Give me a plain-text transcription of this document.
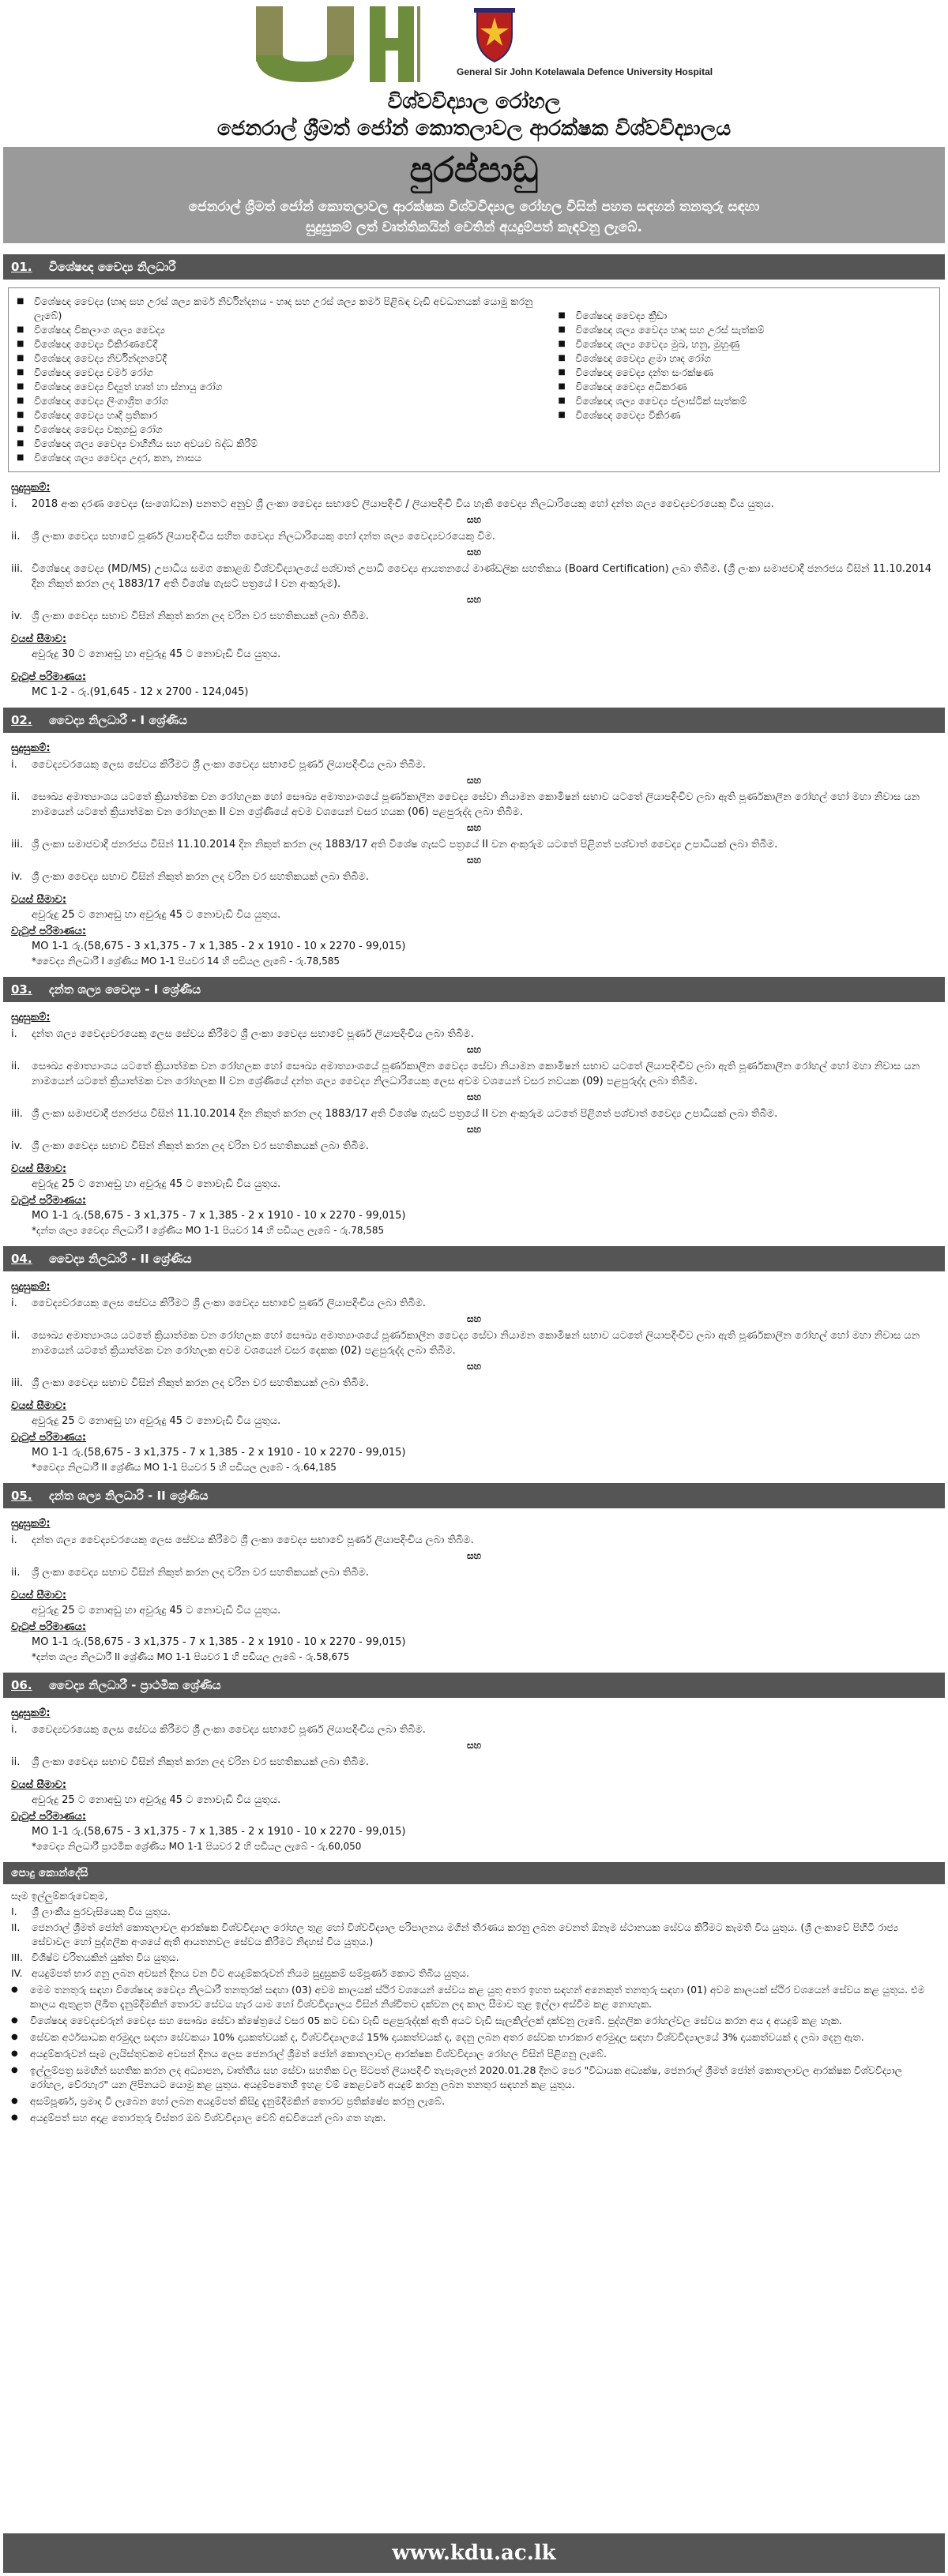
General Sir John Kotelawala Defence University Hospital
විශ්වවිද්‍යාල රෝහල
ජෙනරාල් ශ්‍රීමත් ජෝන් කොතලාවල ආරක්ෂක විශ්වවිද්‍යාලය
පුරප්පාඩු
ජෙනරාල් ශ්‍රීමත් ජෝන් කොතලාවල ආරක්ෂක විශ්වවිද්‍යාල රෝහල විසින් පහත සඳහන් තනතුරු සඳහා
සුදුසුකම් ලත් වෘත්තිකයින් වෙතින් අයදුම්පත් කැඳවනු ලැබේ.
01.	විශේෂඥ වෛද්‍ය නිලධාරී
■	විශේෂඥ වෛද්‍ය (හෘද සහ උරස් ශල්‍ය කර්ම නිර්වින්දනය - හෘද සහ උරස් ශල්‍ය කර්ම පිළිබඳ වැඩි අවධානයක් යොමු කරනු ලැබේ)
■	විශේෂඥ විකලාංග ශල්‍ය වෛද්‍ය
■	විශේෂඥ වෛද්‍ය විකිරණවේදී
■	විශේෂඥ වෛද්‍ය නිර්වින්දනවේදී
■	විශේෂඥ වෛද්‍ය චර්ම රෝග
■	විශේෂඥ වෛද්‍ය විද්‍යුත් හෘත් හා ස්නායු රෝග
■	විශේෂඥ වෛද්‍ය ලිංගාශ්‍රිත රෝග
■	විශේෂඥ වෛද්‍ය හෘදි ප්‍රතිකාර
■	විශේෂඥ වෛද්‍ය වකුගඩු රෝග
■	විශේෂඥ ශල්‍ය වෛද්‍ය වාහිනීය සහ අවයව බද්ධ කිරීම්
■	විශේෂඥ ශල්‍ය වෛද්‍ය උදර, කන, නාසය
■	විශේෂඥ වෛද්‍ය ක්‍රීඩා
■	විශේෂඥ ශල්‍ය වෛද්‍ය හෘද සහ උරස් සැත්කම්
■	විශේෂඥ ශල්‍ය වෛද්‍ය මුඛ, හනු, මුහුණු
■	විශේෂඥ වෛද්‍ය ළමා හෘද රෝග
■	විශේෂඥ වෛද්‍ය දන්ත සංරක්ෂණ
■	විශේෂඥ වෛද්‍ය අධිකරණ
■	විශේෂඥ ශල්‍ය වෛද්‍ය ප්ලාස්ටික් සැත්කම්
■	විශේෂඥ වෛද්‍ය විකිරණ
සුදුසුකම්:
i.	2018 අංක දරණ වෛද්‍ය (සංශෝධන) පනතට අනුව ශ්‍රී ලංකා වෛද්‍ය සභාවේ ලියාපදිංචි / ලියාපදිංචි විය හැකි වෛද්‍ය නිලධාරියෙකු හෝ දන්ත ශල්‍ය වෛද්‍යවරයෙකු විය යුතුය.
සහ
ii.	ශ්‍රී ලංකා වෛද්‍ය සභාවේ පූර්ණ ලියාපදිංචිය සහිත වෛද්‍ය නිලධාරියෙකු හෝ දන්ත ශල්‍ය වෛද්‍යවරයෙකු විම.
සහ
iii. විශේෂඥ වෛද්‍ය (MD/MS) උපාධිය සමග කොළඹ විශ්වවිද්‍යාලයේ පශ්චාත් උපාධි වෛද්‍ය ආයතනයේ මාණ්ඩලික සහතිකය (Board Certification) ලබා තිබීම. (ශ්‍රී ලංකා සමාජවාදී ජනරජය විසින් 11.10.2014 දින නිකුත් කරන ලද 1883/17 අති විශේෂ ගැසට් පත්‍රයේ I වන අංකුරුම).
සහ
iv. ශ්‍රී ලංකා වෛද්‍ය සභාව විසින් නිකුත් කරන ලද වරින වර සහතිකයක් ලබා තිබීම.
වයස් සීමාව:
අවුරුදු 30 ට නොඅඩු හා අවුරුදු 45 ට නොවැඩි විය යුතුය.
වැටුප් පරිමාණය:
MC 1-2 - රු.(91,645 - 12 x 2700 - 124,045)
02.	වෛද්‍ය නිලධාරී - I ශ්‍රේණිය
සුදුසුකම්:
i.	වෛද්‍යවරයෙකු ලෙස සේවය කිරීමට ශ්‍රී ලංකා වෛද්‍ය සභාවේ පූර්ණ ලියාපදිංචිය ලබා තිබීම.
සහ
ii.	සෞඛ්‍ය අමාත්‍යාංශය යටතේ ක්‍රියාත්මක වන රෝහලක හෝ සෞඛ්‍ය අමාත්‍යාංශයේ පූර්ණකාලීන වෛද්‍ය සේවා නියාමන කොමිෂන් සභාව යටතේ ලියාපදිංචිව ලබා ඇති පූර්ණකාලීන රෝහල් හෝ මහා නිවාස යන නාමයෙන් යටතේ ක්‍රියාත්මක වන රෝහලක II වන ශ්‍රේණියේ අවම වශයෙන් වසර හයක (06) පළපුරුද්ද ලබා තිබීම.
සහ
iii. ශ්‍රී ලංකා සමාජවාදී ජනරජය විසින් 11.10.2014 දින නිකුත් කරන ලද 1883/17 අති විශේෂ ගැසට් පත්‍රයේ II වන අංකුරුම යටතේ පිළිගත් පශ්චාත් වෛද්‍ය උපාධියක් ලබා තිබීම.
සහ
iv. ශ්‍රී ලංකා වෛද්‍ය සභාව විසින් නිකුත් කරන ලද වරින වර සහතිකයක් ලබා තිබීම.
වයස් සීමාව:
අවුරුදු 25 ට නොඅඩු හා අවුරුදු 45 ට නොවැඩි විය යුතුය.
වැටුප් පරිමාණය:
MO 1-1 රු.(58,675 - 3 x1,375 - 7 x 1,385 - 2 x 1910 - 10 x 2270 - 99,015)
*වෛද්‍ය නිලධාරී I ශ්‍රේණිය MO 1-1 පියවර 14 හි පඩියල ලැබේ - රු.78,585
03.	දන්ත ශල්‍ය වෛද්‍ය - I ශ්‍රේණිය
සුදුසුකම්:
i.	දන්ත ශල්‍ය වෛද්‍යවරයෙකු ලෙස සේවය කිරීමට ශ්‍රී ලංකා වෛද්‍ය සභාවේ පූර්ණ ලියාපදිංචිය ලබා තිබීම.
සහ
ii.	සෞඛ්‍ය අමාත්‍යාංශය යටතේ ක්‍රියාත්මක වන රෝහලක හෝ සෞඛ්‍ය අමාත්‍යාංශයේ පූර්ණකාලීන වෛද්‍ය සේවා නියාමන කොමිෂන් සභාව යටතේ ලියාපදිංචිව ලබා ඇති පූර්ණකාලීන රෝහල් හෝ මහා නිවාස යන නාමයෙන් යටතේ ක්‍රියාත්මක වන රෝහලක II වන ශ්‍රේණියේ දන්ත ශල්‍ය වෛද්‍ය නිලධාරියෙකු ලෙස අවම වශයෙන් වසර නවයක (09) පළපුරුද්ද ලබා තිබීම.
සහ
iii. ශ්‍රී ලංකා සමාජවාදී ජනරජය විසින් 11.10.2014 දින නිකුත් කරන ලද 1883/17 අති විශේෂ ගැසට් පත්‍රයේ II වන අංකුරුම යටතේ පිළිගත් පශ්චාත් වෛද්‍ය උපාධියක් ලබා තිබීම.
සහ
iv. ශ්‍රී ලංකා වෛද්‍ය සභාව විසින් නිකුත් කරන ලද වරින වර සහතිකයක් ලබා තිබීම.
වයස් සීමාව:
අවුරුදු 25 ට නොඅඩු හා අවුරුදු 45 ට නොවැඩි විය යුතුය.
වැටුප් පරිමාණය:
MO 1-1 රු.(58,675 - 3 x1,375 - 7 x 1,385 - 2 x 1910 - 10 x 2270 - 99,015)
*දන්ත ශල්‍ය වෛද්‍ය නිලධාරී I ශ්‍රේණිය MO 1-1 පියවර 14 හි පඩියල ලැබේ - රු.78,585
04.	වෛද්‍ය නිලධාරී - II ශ්‍රේණිය
සුදුසුකම්:
i.	වෛද්‍යවරයෙකු ලෙස සේවය කිරීමට ශ්‍රී ලංකා වෛද්‍ය සභාවේ පූර්ණ ලියාපදිංචිය ලබා තිබීම.
සහ
ii.	සෞඛ්‍ය අමාත්‍යාංශය යටතේ ක්‍රියාත්මක වන රෝහලක හෝ සෞඛ්‍ය අමාත්‍යාංශයේ පූර්ණකාලීන වෛද්‍ය සේවා නියාමන කොමිෂන් සභාව යටතේ ලියාපදිංචිව ලබා ඇති පූර්ණකාලීන රෝහල් හෝ මහා නිවාස යන නාමයෙන් යටතේ ක්‍රියාත්මක වන රෝහලක අවම වශයෙන් වසර දෙකක (02) පළපුරුද්ද ලබා තිබීම.
සහ
iii. ශ්‍රී ලංකා වෛද්‍ය සභාව විසින් නිකුත් කරන ලද වරින වර සහතිකයක් ලබා තිබීම.
වයස් සීමාව:
අවුරුදු 25 ට නොඅඩු හා අවුරුදු 45 ට නොවැඩි විය යුතුය.
වැටුප් පරිමාණය:
MO 1-1 රු.(58,675 - 3 x1,375 - 7 x 1,385 - 2 x 1910 - 10 x 2270 - 99,015)
*වෛද්‍ය නිලධාරී II ශ්‍රේණිය MO 1-1 පියවර 5 හි පඩියල ලැබේ - රු.64,185
05.	දන්ත ශල්‍ය නිලධාරී - II ශ්‍රේණිය
සුදුසුකම්:
i.	දන්ත ශල්‍ය වෛද්‍යවරයෙකු ලෙස සේවය කිරීමට ශ්‍රී ලංකා වෛද්‍ය සභාවේ පූර්ණ ලියාපදිංචිය ලබා තිබීම.
සහ
ii.	ශ්‍රී ලංකා වෛද්‍ය සභාව විසින් නිකුත් කරන ලද වරින වර සහතිකයක් ලබා තිබීම.
වයස් සීමාව:
අවුරුදු 25 ට නොඅඩු හා අවුරුදු 45 ට නොවැඩි විය යුතුය.
වැටුප් පරිමාණය:
MO 1-1 රු.(58,675 - 3 x1,375 - 7 x 1,385 - 2 x 1910 - 10 x 2270 - 99,015)
*දන්ත ශල්‍ය නිලධාරී II ශ්‍රේණිය MO 1-1 පියවර 1 හි පඩියල ලැබේ - රු.58,675
06.	වෛද්‍ය නිලධාරී - ප්‍රාථමික ශ්‍රේණිය
සුදුසුකම්:
i.	වෛද්‍යවරයෙකු ලෙස සේවය කිරීමට ශ්‍රී ලංකා වෛද්‍ය සභාවේ පූර්ණ ලියාපදිංචිය ලබා තිබීම.
සහ
ii.	ශ්‍රී ලංකා වෛද්‍ය සභාව විසින් නිකුත් කරන ලද වරින වර සහතිකයක් ලබා තිබීම.
වයස් සීමාව:
අවුරුදු 25 ට නොඅඩු හා අවුරුදු 45 ට නොවැඩි විය යුතුය.
වැටුප් පරිමාණය:
MO 1-1 රු.(58,675 - 3 x1,375 - 7 x 1,385 - 2 x 1910 - 10 x 2270 - 99,015)
*වෛද්‍ය නිලධාරී ප්‍රාථමික ශ්‍රේණිය MO 1-1 පියවර 2 හි පඩියල ලැබේ - රු.60,050
පොදු කොන්දේසි
සෑම ඉල්ලුම්කරුවෙකුම,
I.	ශ්‍රී ලාංකීය පුරවැසියෙකු විය යුතුය.
II.	ජෙනරාල් ශ්‍රීමත් ජෝන් කොතලාවල ආරක්ෂක විශ්වවිද්‍යාල රෝහල තුළ හෝ විශ්වවිද්‍යාල පරිපාලනය මගින් තීරණය කරනු ලබන වෙනත් ඕනෑම ස්ථානයක සේවය කිරීමට කැමති විය යුතුය. (ශ්‍රී ලංකාවේ පිහිටි රාජ්‍ය සේවාවල හෝ පුද්ගලික අංශයේ ඇති ආයතනවල සේවය කිරීමට නිදහස් විය යුතුය.)
III. විශිෂ්ට චරිතයකින් යුක්ත විය යුතුය.
IV. අයදුම්පත් භාර ගනු ලබන අවසන් දිනය වන විට අයදුම්කරුවන් නියම සුදුසුකම් සම්පූර්ණ කොට තිබිය යුතුය.
●	මෙම තනතුරු සඳහා විශේෂඥ වෛද්‍ය නිලධාරී තනතුරක් සඳහා (03) අවම කාලයක් ස්ථිර වශයෙන් සේවය කළ යුතු අතර ඉහත සඳහන් අනෙකුත් තනතුරු සඳහා (01) අවම කාලයක් ස්ථිර වශයෙන් සේවය කළ යුතුය. එම කාලය ඇතුළත ලිඛිත දැනුම්දීමකින් තොරව සේවය හැර යාම හෝ විශ්වවිද්‍යාලය විසින් නිශ්චිතව දක්වන ලද කාල සීමාව තුළ ඉල්ලා අස්වීම කළ නොහැක.
●	විශේෂඥ වෛද්‍යවරුන් වෛද්‍ය සහ සෞඛ්‍ය සේවා ක්ෂේත්‍රයේ වසර 05 කට වඩා වැඩි පළපුරුද්දක් ඇති අයට වැඩි සැලකිල්ලක් දක්වනු ලැබේ. පුද්ගලික රෝහල්වල සේවය කරන අය ද අයදුම් කළ හැක.
●	සේවක අර්ථසාධක අරමුදල සඳහා සේවකයා 10% දායකත්වයක් ද, විශ්වවිද්‍යාලයේ 15% දායකත්වයක් ද, දෙනු ලබන අතර සේවක භාරකාර අරමුදල සඳහා විශ්වවිද්‍යාලයේ 3% දායකත්වයක් ද ලබා දෙනු ඇත.
●	අයදුම්කරුවන් සෑම ලැයිස්තුවකම අවසන් දිනය ලෙස ජෙනරාල් ශ්‍රීමත් ජෝන් කොතලාවල ආරක්ෂක විශ්වවිද්‍යාල රෝහල විසින් පිළිගනු ලැබේ.
●	ඉල්ලුම්පත්‍ර සමඟින් සහතික කරන ලද අධ්‍යාපන, වෘත්තීය සහ සේවා සහතික වල පිටපත් ලියාපදිංචි තැපෑලෙන් 2020.01.28 දිනට පෙර "විධායක අධ්‍යක්ෂ, ජෙනරාල් ශ්‍රීමත් ජෝන් කොතලාවල ආරක්ෂක විශ්වවිද්‍යාල රෝහල, වේරහැර" යන ලිපිනයට යොමු කළ යුතුය. අයදුම්පතෙහි ඉහළ වම් කෙළවරේ අයදුම් කරනු ලබන තනතුර සඳහන් කළ යුතුය.
●	අසම්පූර්ණ, ප්‍රමාද වී ලැබෙන හෝ ලබන අයදුම්පත් කිසිදු දැනුම්දීමකින් තොරව ප්‍රතික්ෂේප කරනු ලැබේ.
●	අයදුම්පත් සහ අදාළ තොරතුරු විස්තර ඔබ විශ්වවිද්‍යාල වෙබ් අඩවියෙන් ලබා ගත හැක.
www.kdu.ac.lk
